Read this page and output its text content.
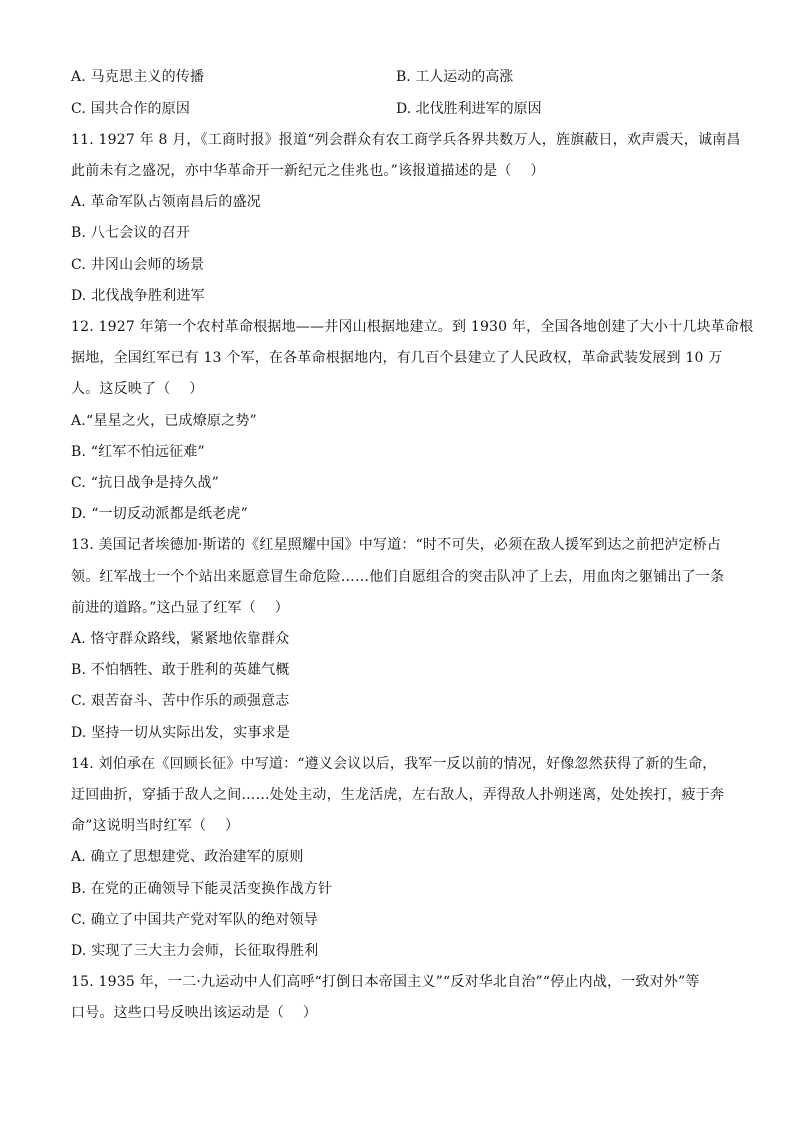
A. 马克思主义的传播	B. 工人运动的高涨
C. 国共合作的原因	D. 北伐胜利进军的原因
11. 1927 年 8 月，《工商时报》报道“列会群众有农工商学兵各界共数万人，旌旗蔽日，欢声震天，诚南昌
此前未有之盛况，亦中华革命开一新纪元之佳兆也。”该报道描述的是（　 ）
A. 革命军队占领南昌后的盛况
B. 八七会议的召开
C. 井冈山会师的场景
D. 北伐战争胜利进军
12. 1927 年第一个农村革命根据地——井冈山根据地建立。到 1930 年，全国各地创建了大小十几块革命根
据地，全国红军已有 13 个军，在各革命根据地内，有几百个县建立了人民政权，革命武装发展到 10 万
人。这反映了（　 ）
A.“星星之火，已成燎原之势”
B. “红军不怕远征难”
C. “抗日战争是持久战”
D. “一切反动派都是纸老虎”
13. 美国记者埃德加·斯诺的《红星照耀中国》中写道：“时不可失，必须在敌人援军到达之前把泸定桥占
领。红军战士一个个站出来愿意冒生命危险……他们自愿组合的突击队冲了上去，用血肉之躯铺出了一条
前进的道路。”这凸显了红军（　 ）
A. 恪守群众路线，紧紧地依靠群众
B. 不怕牺牲、敢于胜利的英雄气概
C. 艰苦奋斗、苦中作乐的顽强意志
D. 坚持一切从实际出发，实事求是
14. 刘伯承在《回顾长征》中写道：“遵义会议以后，我军一反以前的情况，好像忽然获得了新的生命，
迂回曲折，穿插于敌人之间……处处主动，生龙活虎，左右敌人，弄得敌人扑朔迷离，处处挨打，疲于奔
命”这说明当时红军（　 ）
A. 确立了思想建党、政治建军的原则
B. 在党的正确领导下能灵活变换作战方针
C. 确立了中国共产党对军队的绝对领导
D. 实现了三大主力会师，长征取得胜利
15. 1935 年，一二·九运动中人们高呼“打倒日本帝国主义”“反对华北自治”“停止内战，一致对外”等
口号。这些口号反映出该运动是（　 ）
